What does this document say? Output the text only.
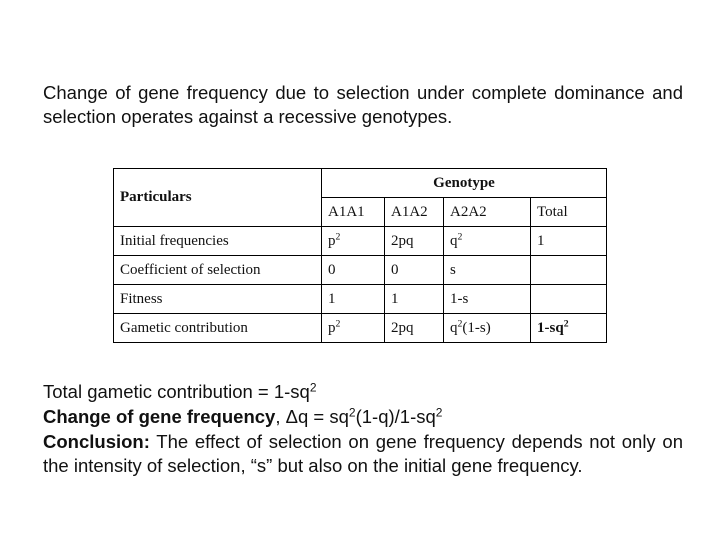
Change of gene frequency due to selection under complete dominance and selection operates against a recessive genotypes.
Particulars	Genotype			
	A1A1	A1A2	A2A2	Total
Initial frequencies	$p^2$	2pq	$q^2$	1
Coefficient of selection	0	0	s	
Fitness	1	1	1-s	
Gametic contribution	$p^2$	2pq	$q^2(1-s)$	$1-sq^2$

Total gametic contribution = $1-sq^2$

Change of gene frequency, $\Delta q = sq^2(1-q)/1-sq^2$

Conclusion: The effect of selection on gene frequency depends not only on the intensity of selection, “s” but also on the initial gene frequency.
